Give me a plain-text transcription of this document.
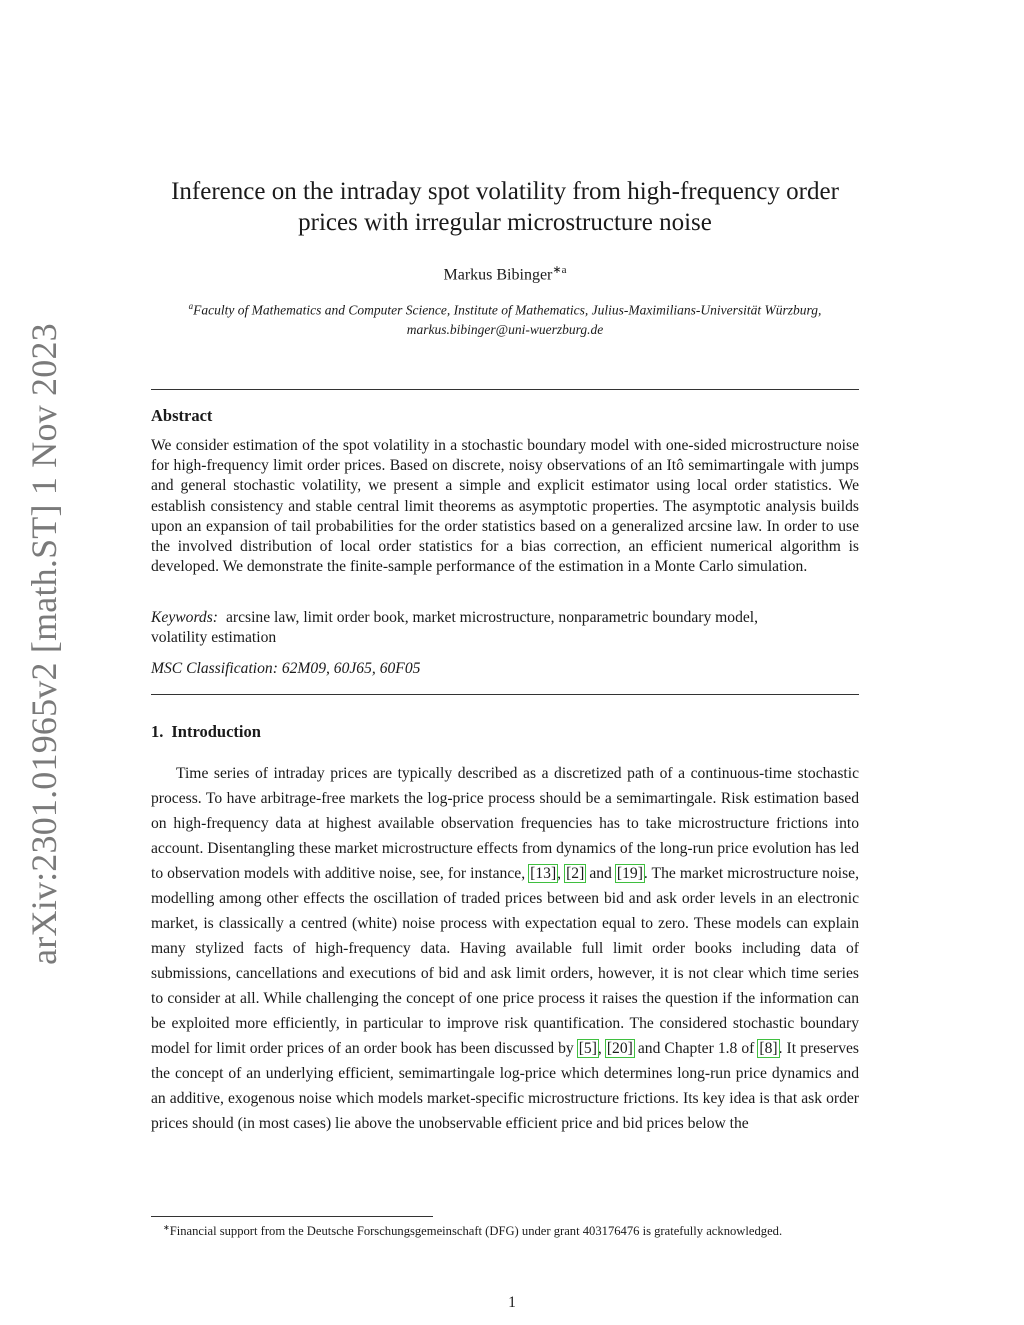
arXiv:2301.01965v2 [math.ST] 1 Nov 2023
Inference on the intraday spot volatility from high-frequency order prices with irregular microstructure noise
Markus Bibinger$^{∗a}$
$^a$Faculty of Mathematics and Computer Science, Institute of Mathematics, Julius-Maximilians-Universität Würzburg, markus.bibinger@uni-wuerzburg.de
Abstract
We consider estimation of the spot volatility in a stochastic boundary model with one-sided microstructure noise for high-frequency limit order prices. Based on discrete, noisy observations of an Itô semimartingale with jumps and general stochastic volatility, we present a simple and explicit estimator using local order statistics. We establish consistency and stable central limit theorems as asymptotic properties. The asymptotic analysis builds upon an expansion of tail probabilities for the order statistics based on a generalized arcsine law. In order to use the involved distribution of local order statistics for a bias correction, an efficient numerical algorithm is developed. We demonstrate the finite-sample performance of the estimation in a Monte Carlo simulation.
Keywords: arcsine law, limit order book, market microstructure, nonparametric boundary model, volatility estimation
MSC Classification: 62M09, 60J65, 60F05
1. Introduction
Time series of intraday prices are typically described as a discretized path of a continuous-time stochastic process. To have arbitrage-free markets the log-price process should be a semimartingale. Risk estimation based on high-frequency data at highest available observation frequencies has to take microstructure frictions into account. Disentangling these market microstructure effects from dynamics of the long-run price evolution has led to observation models with additive noise, see, for instance, [13], [2] and [19]. The market microstructure noise, modelling among other effects the oscillation of traded prices between bid and ask order levels in an electronic market, is classically a centred (white) noise process with expectation equal to zero. These models can explain many stylized facts of high-frequency data. Having available full limit order books including data of submissions, cancellations and executions of bid and ask limit orders, however, it is not clear which time series to consider at all. While challenging the concept of one price process it raises the question if the information can be exploited more efficiently, in particular to improve risk quantification. The considered stochastic boundary model for limit order prices of an order book has been discussed by [5], [20] and Chapter 1.8 of [8]. It preserves the concept of an underlying efficient, semimartingale log-price which determines long-run price dynamics and an additive, exogenous noise which models market-specific microstructure frictions. Its key idea is that ask order prices should (in most cases) lie above the unobservable efficient price and bid prices below the
∗Financial support from the Deutsche Forschungsgemeinschaft (DFG) under grant 403176476 is gratefully acknowledged.
1
